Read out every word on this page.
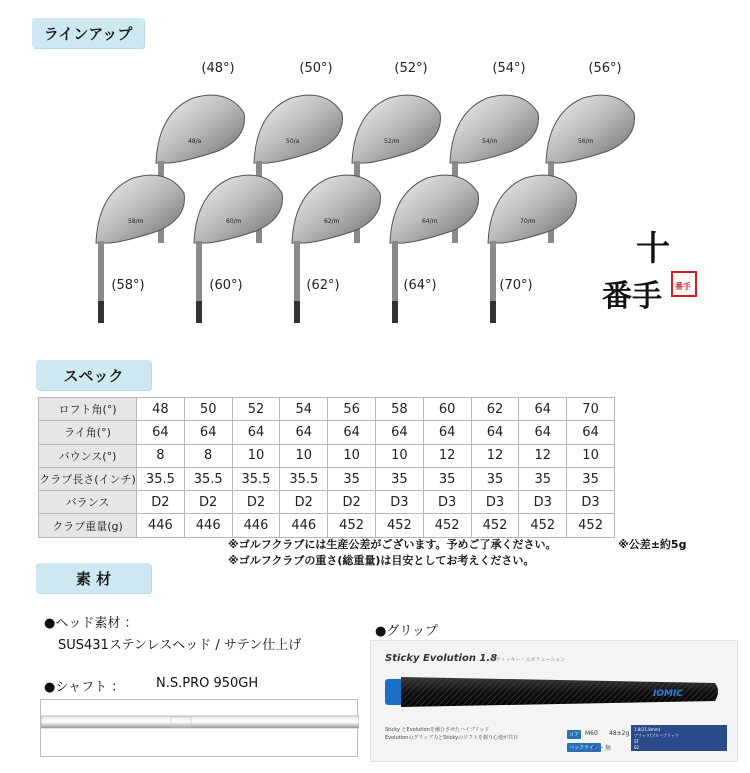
ラインアップ
スペック
素 材
48/a	50/a	52/m	54/m	56/m
58/m	60/m	62/m	64/m	70/m
(48°)	(50°)	(52°)	(54°)	(56°)
(58°)	(60°)	(62°)	(64°)	(70°)
十
番手 番手
ロフト角(°)	48	50	52	54	56	58	60	62	64	70
ライ角(°)	64	64	64	64	64	64	64	64	64	64
バウンス(°)	8	8	10	10	10	10	12	12	12	10
クラブ長さ(インチ)	35.5	35.5	35.5	35.5	35	35	35	35	35	35
バランス	D2	D2	D2	D2	D2	D3	D3	D3	D3	D3
クラブ重量(g)	446	446	446	446	452	452	452	452	452	452
※ゴルフクラブには生産公差がございます。予めご了承ください。	※公差±約5g
※ゴルフクラブの重さ(総重量)は目安としてお考えください。
●ヘッド素材 ：
SUS431ステンレスヘッド / サテン仕上げ
●シャフト ： N.S.PRO 950GH
●グリップ
Sticky Evolution 1.8
スティッキー・エボリューション
IOMIC
Sticky とEvolutionを融合させたハイブリッド
Evolutionのグリップ力とStickyのソフトを握り心地が共存	コア M60 48±2g
バックライン
有・無
1.8(21.8mm)
ブラック/ブルーブラック
ST
62
